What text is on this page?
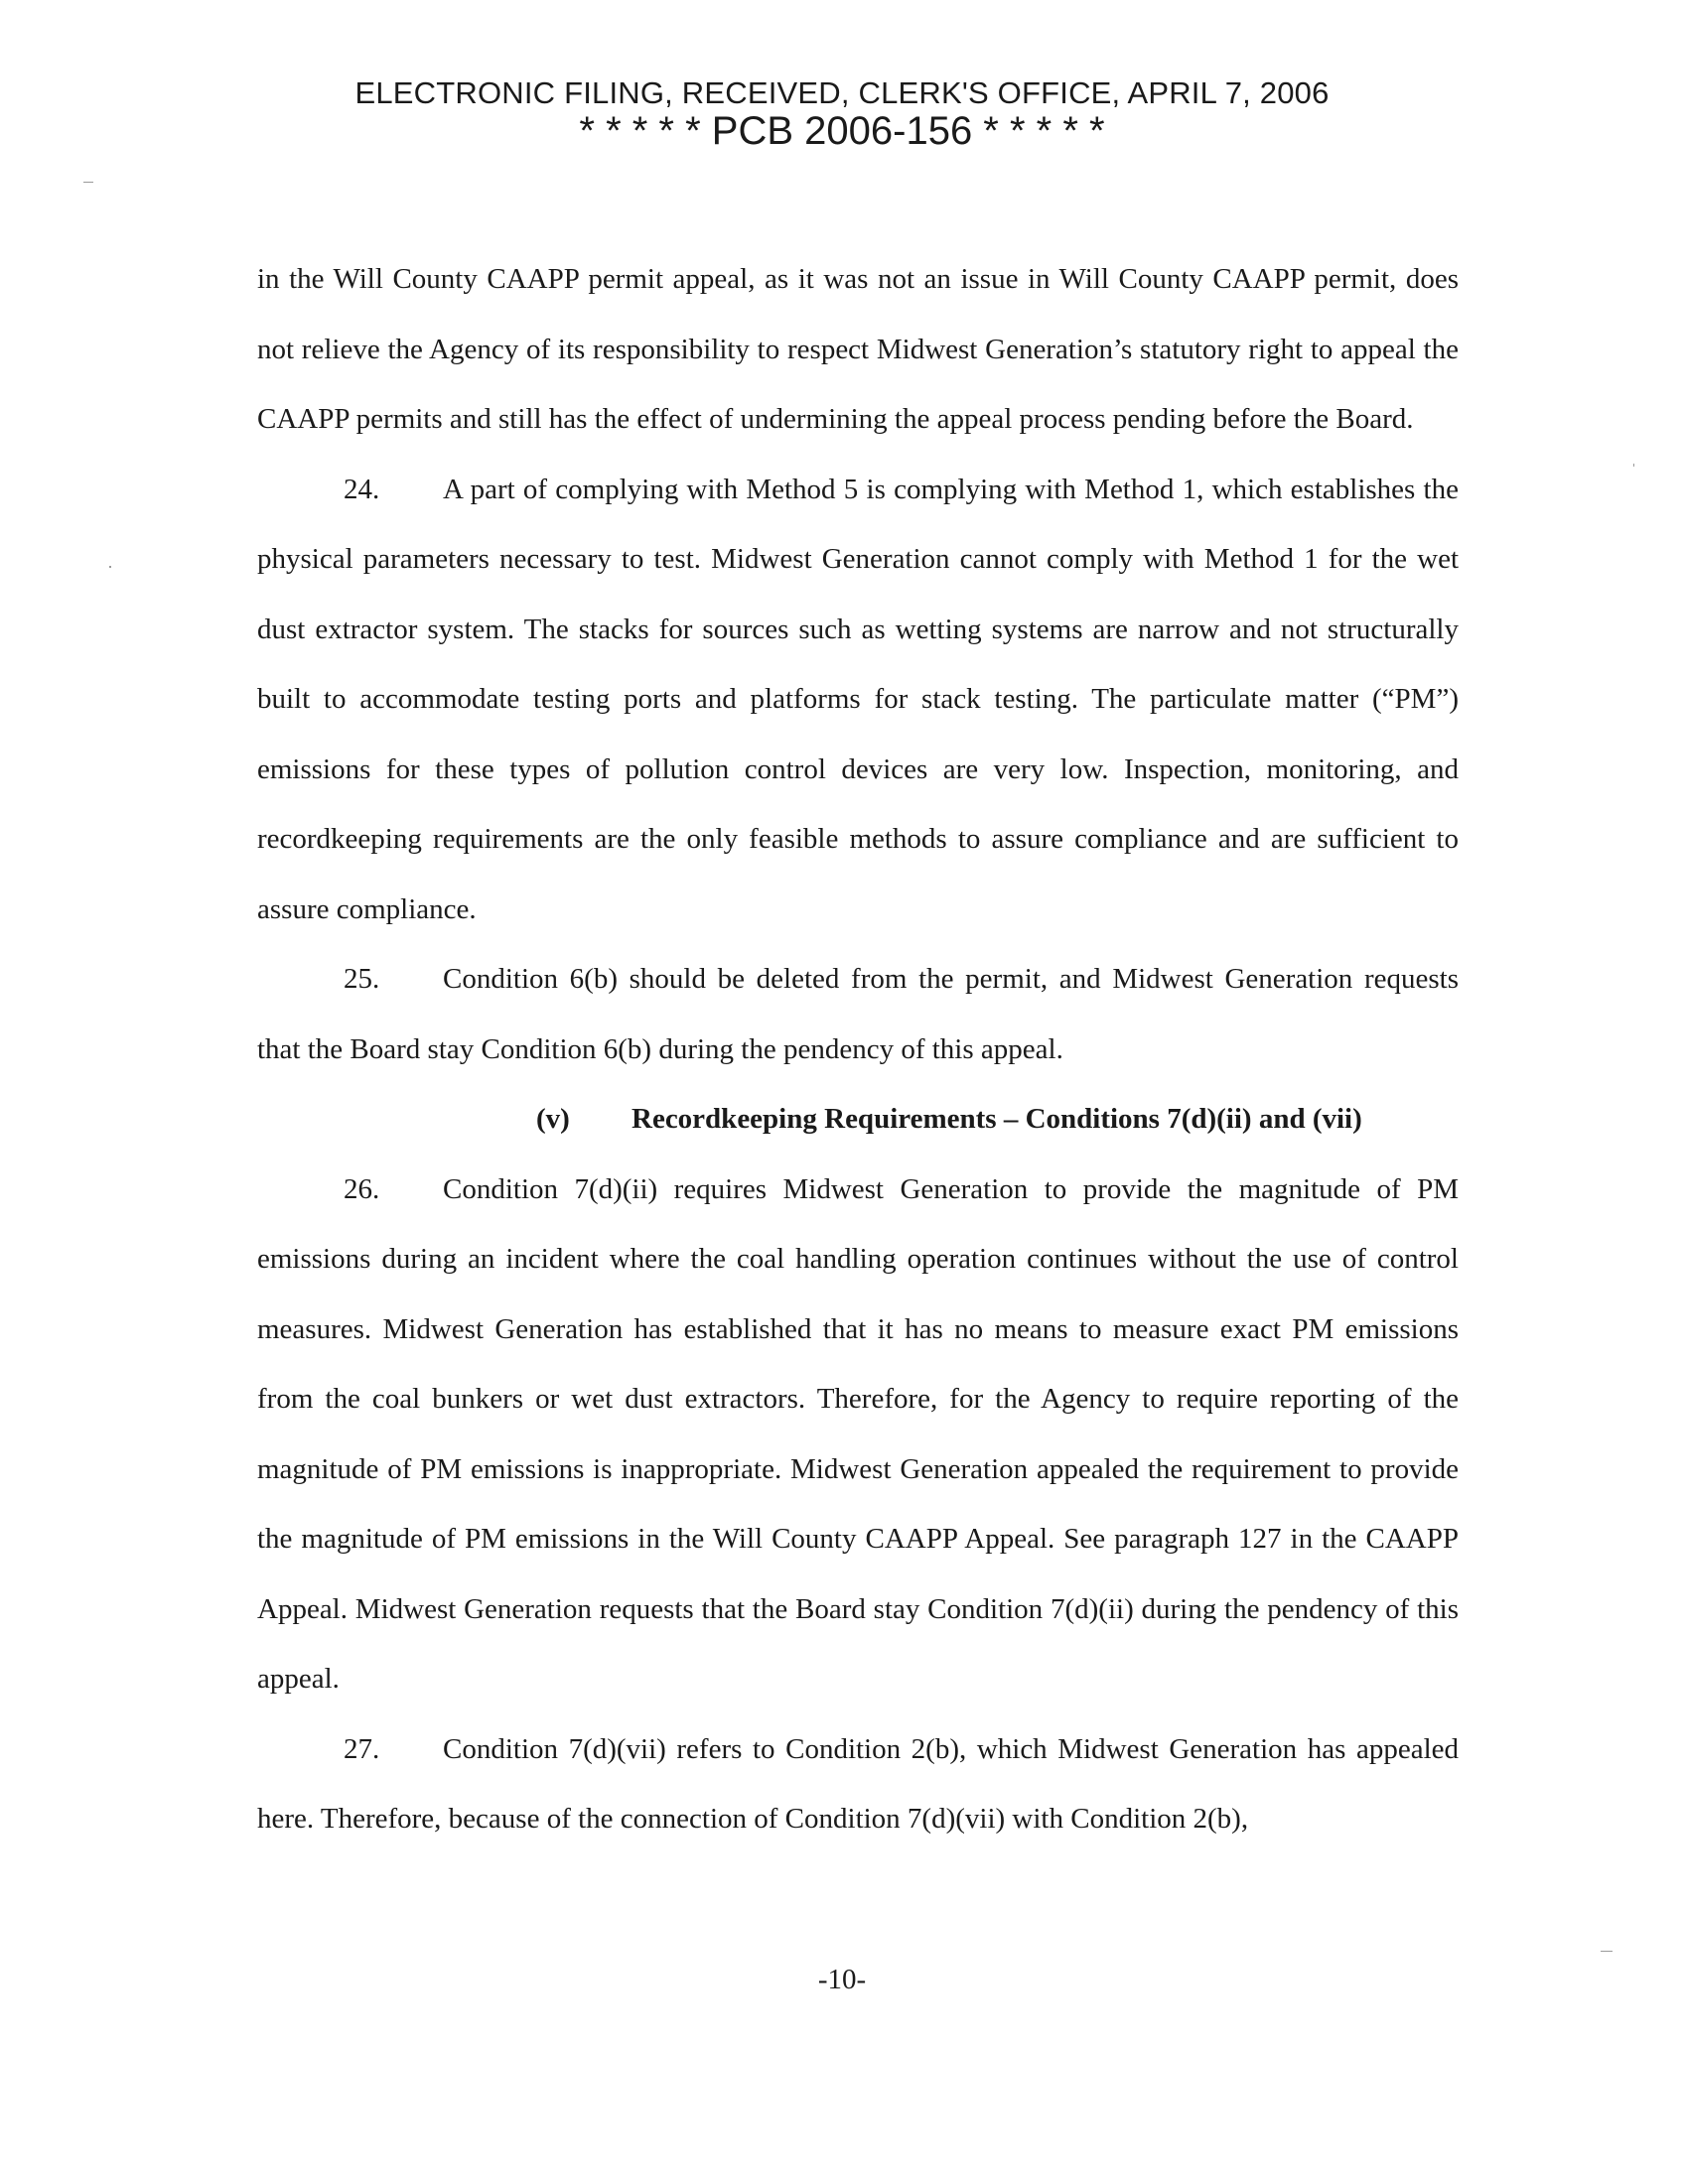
ELECTRONIC FILING, RECEIVED, CLERK'S OFFICE, APRIL 7, 2006
* * * * * PCB 2006-156 * * * * *

in the Will County CAAPP permit appeal, as it was not an issue in Will County CAAPP permit, does not relieve the Agency of its responsibility to respect Midwest Generation’s statutory right to appeal the CAAPP permits and still has the effect of undermining the appeal process pending before the Board.

24. A part of complying with Method 5 is complying with Method 1, which establishes the physical parameters necessary to test. Midwest Generation cannot comply with Method 1 for the wet dust extractor system. The stacks for sources such as wetting systems are narrow and not structurally built to accommodate testing ports and platforms for stack testing. The particulate matter (“PM”) emissions for these types of pollution control devices are very low. Inspection, monitoring, and recordkeeping requirements are the only feasible methods to assure compliance and are sufficient to assure compliance.

25. Condition 6(b) should be deleted from the permit, and Midwest Generation requests that the Board stay Condition 6(b) during the pendency of this appeal.

(v) Recordkeeping Requirements – Conditions 7(d)(ii) and (vii)

26. Condition 7(d)(ii) requires Midwest Generation to provide the magnitude of PM emissions during an incident where the coal handling operation continues without the use of control measures. Midwest Generation has established that it has no means to measure exact PM emissions from the coal bunkers or wet dust extractors. Therefore, for the Agency to require reporting of the magnitude of PM emissions is inappropriate. Midwest Generation appealed the requirement to provide the magnitude of PM emissions in the Will County CAAPP Appeal. See paragraph 127 in the CAAPP Appeal. Midwest Generation requests that the Board stay Condition 7(d)(ii) during the pendency of this appeal.

27. Condition 7(d)(vii) refers to Condition 2(b), which Midwest Generation has appealed here. Therefore, because of the connection of Condition 7(d)(vii) with Condition 2(b),

-10-
